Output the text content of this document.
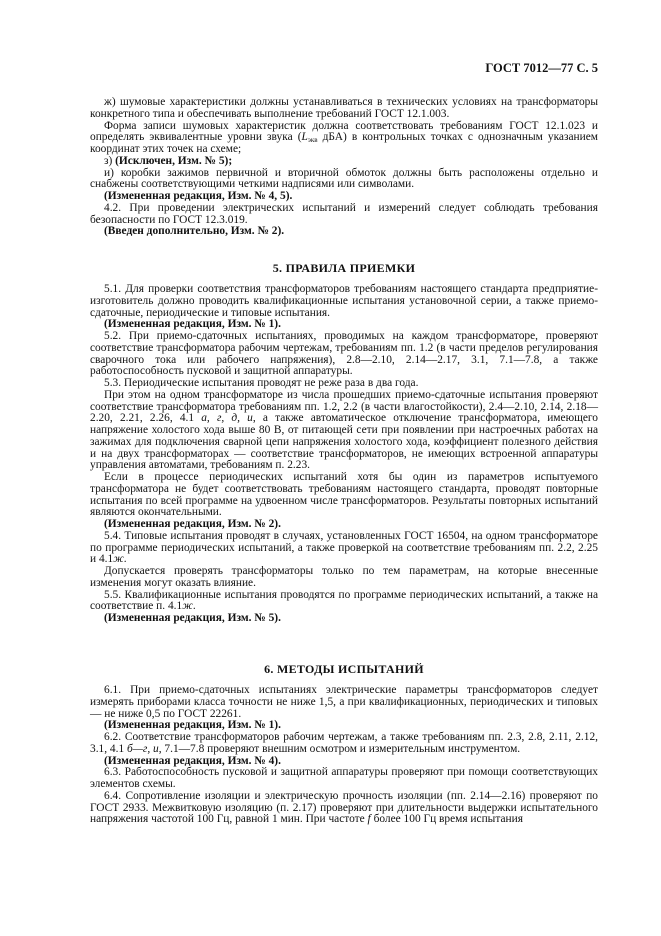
ГОСТ 7012—77 С. 5

ж) шумовые характеристики должны устанавливаться в технических условиях на трансформаторы конкретного типа и обеспечивать выполнение требований ГОСТ 12.1.003.

Форма записи шумовых характеристик должна соответствовать требованиям ГОСТ 12.1.023 и определять эквивалентные уровни звука ($L_{экв}$ дБА) в контрольных точках с однозначным указанием координат этих точек на схеме;

з) (Исключен, Изм. № 5);

и) коробки зажимов первичной и вторичной обмоток должны быть расположены отдельно и снабжены соответствующими четкими надписями или символами.

(Измененная редакция, Изм. № 4, 5).

4.2. При проведении электрических испытаний и измерений следует соблюдать требования безопасности по ГОСТ 12.3.019.

(Введен дополнительно, Изм. № 2).

5. ПРАВИЛА ПРИЕМКИ

5.1. Для проверки соответствия трансформаторов требованиям настоящего стандарта предприятие-изготовитель должно проводить квалификационные испытания установочной серии, а также приемо-сдаточные, периодические и типовые испытания.

(Измененная редакция, Изм. № 1).

5.2. При приемо-сдаточных испытаниях, проводимых на каждом трансформаторе, проверяют соответствие трансформатора рабочим чертежам, требованиям пп. 1.2 (в части пределов регулирования сварочного тока или рабочего напряжения), 2.8—2.10, 2.14—2.17, 3.1, 7.1—7.8, а также работоспособность пусковой и защитной аппаратуры.

5.3. Периодические испытания проводят не реже раза в два года.

При этом на одном трансформаторе из числа прошедших приемо-сдаточные испытания проверяют соответствие трансформатора требованиям пп. 1.2, 2.2 (в части влагостойкости), 2.4—2.10, 2.14, 2.18—2.20, 2.21, 2.26, 4.1 а, г, д, и, а также автоматическое отключение трансформатора, имеющего напряжение холостого хода выше 80 В, от питающей сети при появлении при настроечных работах на зажимах для подключения сварной цепи напряжения холостого хода, коэффициент полезного действия и на двух трансформаторах — соответствие трансформаторов, не имеющих встроенной аппаратуры управления автоматами, требованиям п. 2.23.

Если в процессе периодических испытаний хотя бы один из параметров испытуемого трансформатора не будет соответствовать требованиям настоящего стандарта, проводят повторные испытания по всей программе на удвоенном числе трансформаторов. Результаты повторных испытаний являются окончательными.

(Измененная редакция, Изм. № 2).

5.4. Типовые испытания проводят в случаях, установленных ГОСТ 16504, на одном трансформаторе по программе периодических испытаний, а также проверкой на соответствие требованиям пп. 2.2, 2.25 и 4.1ж.

Допускается проверять трансформаторы только по тем параметрам, на которые внесенные изменения могут оказать влияние.

5.5. Квалификационные испытания проводятся по программе периодических испытаний, а также на соответствие п. 4.1ж.

(Измененная редакция, Изм. № 5).

6. МЕТОДЫ ИСПЫТАНИЙ

6.1. При приемо-сдаточных испытаниях электрические параметры трансформаторов следует измерять приборами класса точности не ниже 1,5, а при квалификационных, периодических и типовых — не ниже 0,5 по ГОСТ 22261.

(Измененная редакция, Изм. № 1).

6.2. Соответствие трансформаторов рабочим чертежам, а также требованиям пп. 2.3, 2.8, 2.11, 2.12, 3.1, 4.1 б—г, и, 7.1—7.8 проверяют внешним осмотром и измерительным инструментом.

(Измененная редакция, Изм. № 4).

6.3. Работоспособность пусковой и защитной аппаратуры проверяют при помощи соответствующих элементов схемы.

6.4. Сопротивление изоляции и электрическую прочность изоляции (пп. 2.14—2.16) проверяют по ГОСТ 2933. Межвитковую изоляцию (п. 2.17) проверяют при длительности выдержки испытательного напряжения частотой 100 Гц, равной 1 мин. При частоте f более 100 Гц время испытания
